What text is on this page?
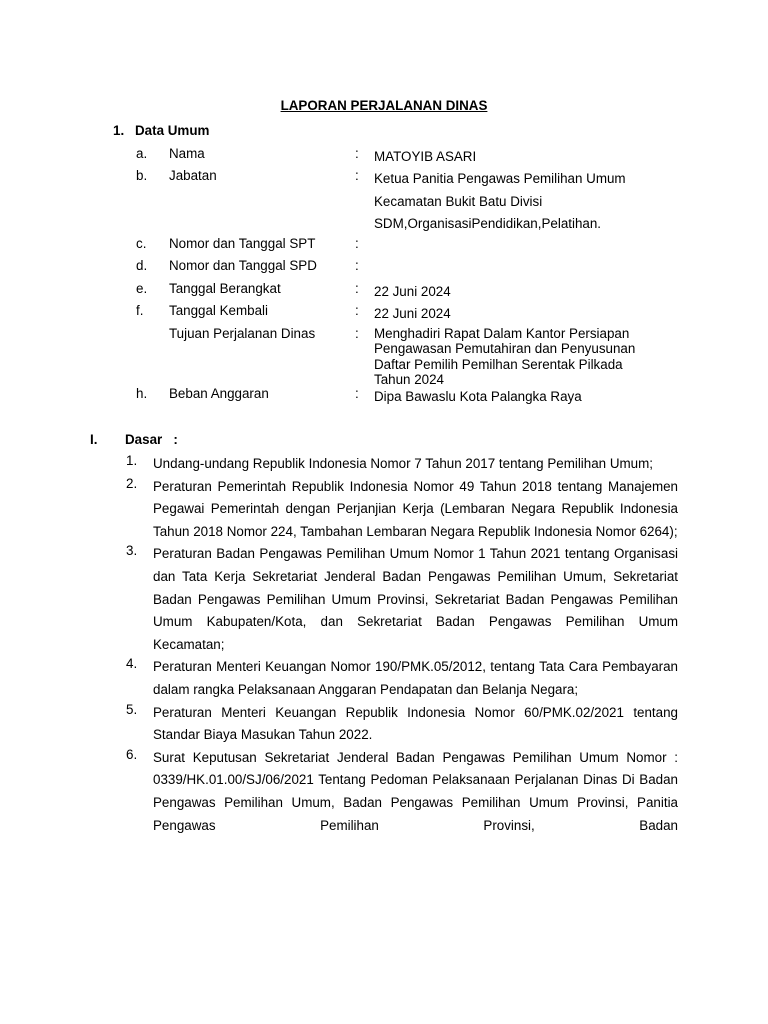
LAPORAN PERJALANAN DINAS
1. Data Umum
a. Nama	: MATOYIB ASARI
b. Jabatan	: Ketua Panitia Pengawas Pemilihan Umum
Kecamatan Bukit Batu Divisi
SDM,OrganisasiPendidikan,Pelatihan.
c. Nomor dan Tanggal SPT	:
d. Nomor dan Tanggal SPD	:
e. Tanggal Berangkat	: 22 Juni 2024
f. Tanggal Kembali	: 22 Juni 2024
Tujuan Perjalanan Dinas	: Menghadiri Rapat Dalam Kantor Persiapan
Pengawasan Pemutahiran dan Penyusunan
Daftar Pemilih Pemilhan Serentak Pilkada
Tahun 2024
h. Beban Anggaran	: Dipa Bawaslu Kota Palangka Raya
I. Dasar   :
1. Undang-undang Republik Indonesia Nomor 7 Tahun 2017 tentang Pemilihan Umum;
2. Peraturan Pemerintah Republik Indonesia Nomor 49 Tahun 2018 tentang Manajemen Pegawai Pemerintah dengan Perjanjian Kerja (Lembaran Negara Republik Indonesia Tahun 2018 Nomor 224, Tambahan Lembaran Negara Republik Indonesia Nomor 6264);
3. Peraturan Badan Pengawas Pemilihan Umum Nomor 1 Tahun 2021 tentang Organisasi dan Tata Kerja Sekretariat Jenderal Badan Pengawas Pemilihan Umum, Sekretariat Badan Pengawas Pemilihan Umum Provinsi, Sekretariat Badan Pengawas Pemilihan Umum Kabupaten/Kota, dan Sekretariat Badan Pengawas Pemilihan Umum Kecamatan;
4. Peraturan Menteri Keuangan Nomor 190/PMK.05/2012, tentang Tata Cara Pembayaran dalam rangka Pelaksanaan Anggaran Pendapatan dan Belanja Negara;
5. Peraturan Menteri Keuangan Republik Indonesia Nomor 60/PMK.02/2021 tentang Standar Biaya Masukan Tahun 2022.
6. Surat Keputusan Sekretariat Jenderal Badan Pengawas Pemilihan Umum Nomor : 0339/HK.01.00/SJ/06/2021 Tentang Pedoman Pelaksanaan Perjalanan Dinas Di Badan Pengawas Pemilihan Umum, Badan Pengawas Pemilihan Umum Provinsi, Panitia Pengawas Pemilihan Provinsi, Badan
